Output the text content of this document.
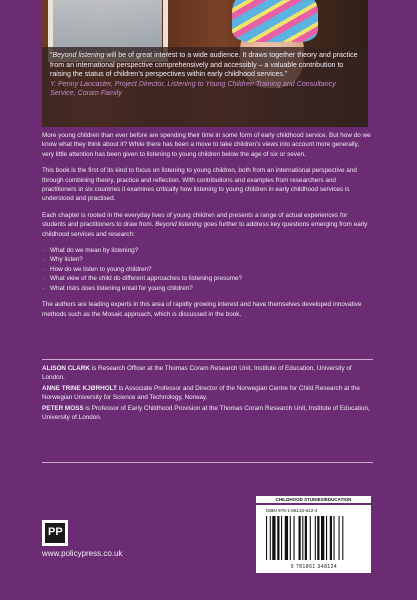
“Beyond listening will be of great interest to a wide audience. It draws together theory and practice from an international perspective comprehensively and accessibly – a valuable contribution to raising the status of children’s perspectives within early childhood services.”

Y. Penny Lancaster, Project Director, Listening to Young Children Training and Consultancy Service, Coram Family

More young children than ever before are spending their time in some form of early childhood service. But how do we know what they think about it? While there has been a move to take children’s views into account more generally, very little attention has been given to listening to young children below the age of six or seven.

This book is the first of its kind to focus on listening to young children, both from an international perspective and through combining theory, practice and reflection. With contributions and examples from researchers and practitioners in six countries it examines critically how listening to young children in early childhood services is understood and practised.

Each chapter is rooted in the everyday lives of young children and presents a range of actual experiences for students and practitioners to draw from. Beyond listening goes further to address key questions emerging from early childhood services and research:

· What do we mean by listening?
· Why listen?
· How do we listen to young children?
· What view of the child do different approaches to listening presume?
· What risks does listening entail for young children?

The authors are leading experts in this area of rapidly growing interest and have themselves developed innovative methods such as the Mosaic approach, which is discussed in the book.

ALISON CLARK is Research Officer at the Thomas Coram Research Unit, Institute of Education, University of London.

ANNE TRINE KJØRHOLT is Associate Professor and Director of the Norwegian Centre for Child Research at the Norwegian University for Science and Technology, Norway.

PETER MOSS is Professor of Early Childhood Provision at the Thomas Coram Research Unit, Institute of Education, University of London.

PP
www.policypress.co.uk
CHILDHOOD STUDIES/EDUCATION
ISBN 978-1-86134-612-4
9 781861 348124
